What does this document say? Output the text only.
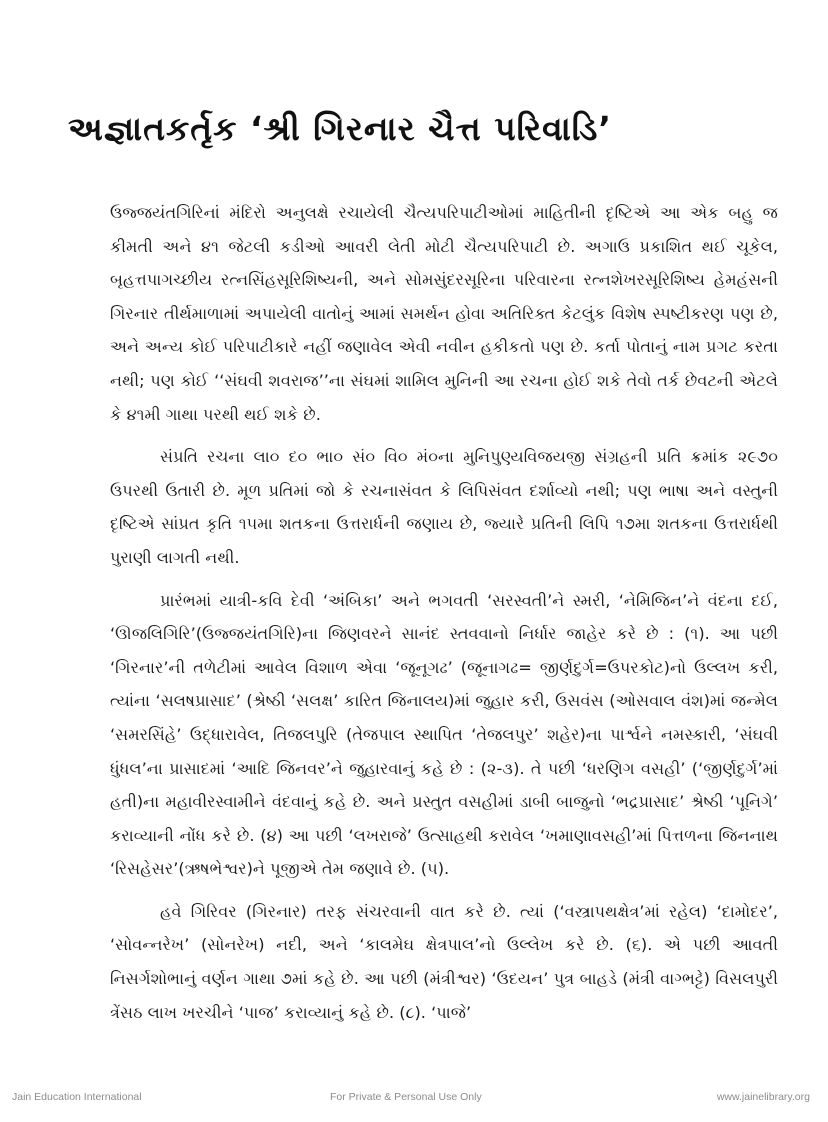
અજ્ઞાતકર્તૃક ‘શ્રી ગિરનાર ચૈત્ત પરિવાડિ’

ઉજ્જયંતગિરિનાં મંદિરો અનુલક્ષે રચાયેલી ચૈત્યપરિપાટીઓમાં માહિતીની દૃષ્ટિએ આ એક બહુ જ કીમતી અને ૪૧ જેટલી કડીઓ આવરી લેતી મોટી ચૈત્યપરિપાટી છે. અગાઉ પ્રકાશિત થઈ ચૂકેલ, બૃહત્તપાગચ્છીય રત્નસિંહસૂરિશિષ્યની, અને સોમસુંદરસૂરિના પરિવારના રત્નશેખરસૂરિશિષ્ય હેમહંસની ગિરનાર તીર્થમાળામાં અપાયેલી વાતોનું આમાં સમર્થન હોવા અતિરિક્ત કેટલુંક વિશેષ સ્પષ્ટીકરણ પણ છે, અને અન્ય કોઈ પરિપાટીકારે નહીં જણાવેલ એવી નવીન હકીકતો પણ છે. કર્તા પોતાનું નામ પ્રગટ કરતા નથી; પણ કોઈ ‘‘સંઘવી શવરાજ’’ના સંઘમાં શામિલ મુનિની આ રચના હોઈ શકે તેવો તર્ક છેવટની એટલે કે ૪૧મી ગાથા પરથી થઈ શકે છે.

સંપ્રતિ રચના લા૦ દ૦ ભા૦ સં૦ વિ૦ મં૦ના મુનિપુણ્યવિજયજી સંગ્રહની પ્રતિ ક્રમાંક ૨૯૭૦ ઉપરથી ઉતારી છે. મૂળ પ્રતિમાં જો કે રચનાસંવત કે લિપિસંવત દર્શાવ્યો નથી; પણ ભાષા અને વસ્તુની દૃષ્ટિએ સાંપ્રત કૃતિ ૧૫મા શતકના ઉત્તરાર્ધની જણાય છે, જ્યારે પ્રતિની લિપિ ૧૭મા શતકના ઉત્તરાર્ધથી પુરાણી લાગતી નથી.

પ્રારંભમાં યાત્રી-કવિ દેવી ‘અંબિકા’ અને ભગવતી ‘સરસ્વતી’ને સ્મરી, ‘નેમિજિન’ને વંદના દઈ, ‘ઊજલિગિરિ’(ઉજ્જયંતગિરિ)ના જિણવરને સાનંદ સ્તવવાનો નિર્ધાર જાહેર કરે છે : (૧). આ પછી ‘ગિરનાર’ની તળેટીમાં આવેલ વિશાળ એવા ‘જૂનૂગઢ’ (જૂનાગઢ= જીર્ણદુર્ગ=ઉપરકોટ)નો ઉલ્લખ કરી, ત્યાંના ‘સલષપ્રાસાદ’ (શ્રેષ્ઠી ‘સલક્ષ’ કારિત જિનાલય)માં જુહાર કરી, ઉસવંસ (ઓસવાલ વંશ)માં જન્મેલ ‘સમરસિંહે’ ઉદ્ધારાવેલ, તિજલપુરિ (તેજપાલ સ્થાપિત ‘તેજલપુર’ શહેર)ના પાર્શ્વને નમસ્કારી, ‘સંઘવી ધુંધલ’ના પ્રાસાદમાં ‘આદિ જિનવર’ને જુહારવાનું કહે છે : (૨-૩). તે પછી ‘ધરણિગ વસહી’ (‘જીર્ણદુર્ગ’માં હતી)ના મહાવીરસ્વામીને વંદવાનું કહે છે. અને પ્રસ્તુત વસહીમાં ડાબી બાજુનો ‘ભદ્રપ્રાસાદ’ શ્રેષ્ઠી ‘પૂનિગે’ કરાવ્યાની નોંધ કરે છે. (૪) આ પછી ‘લખરાજે’ ઉત્સાહથી કરાવેલ ‘ખમાણાવસહી’માં પિત્તળના જિનનાથ ‘રિસહેસર’(ઋષભેશ્વર)ને પૂજીએ તેમ જણાવે છે. (૫).

હવે ગિરિવર (ગિરનાર) તરફ સંચરવાની વાત કરે છે. ત્યાં (‘વસ્ત્રાપથક્ષેત્ર’માં રહેલ) ‘દામોદર’, ‘સોવન્નરેખ’ (સોનરેખ) નદી, અને ‘કાલમેઘ ક્ષેત્રપાલ’નો ઉલ્લેખ કરે છે. (૬). એ પછી આવતી નિસર્ગશોભાનું વર્ણન ગાથા ૭માં કહે છે. આ પછી (મંત્રીશ્વર) ‘ઉદયન’ પુત્ર બાહડે (મંત્રી વાગ્ભટ્ટે) વિસલપુરી ત્રેંસઠ લાખ ખરચીને ‘પાજ’ કરાવ્યાનું કહે છે. (૮). ‘પાજે’

Jain Education International	For Private & Personal Use Only	www.jainelibrary.org
